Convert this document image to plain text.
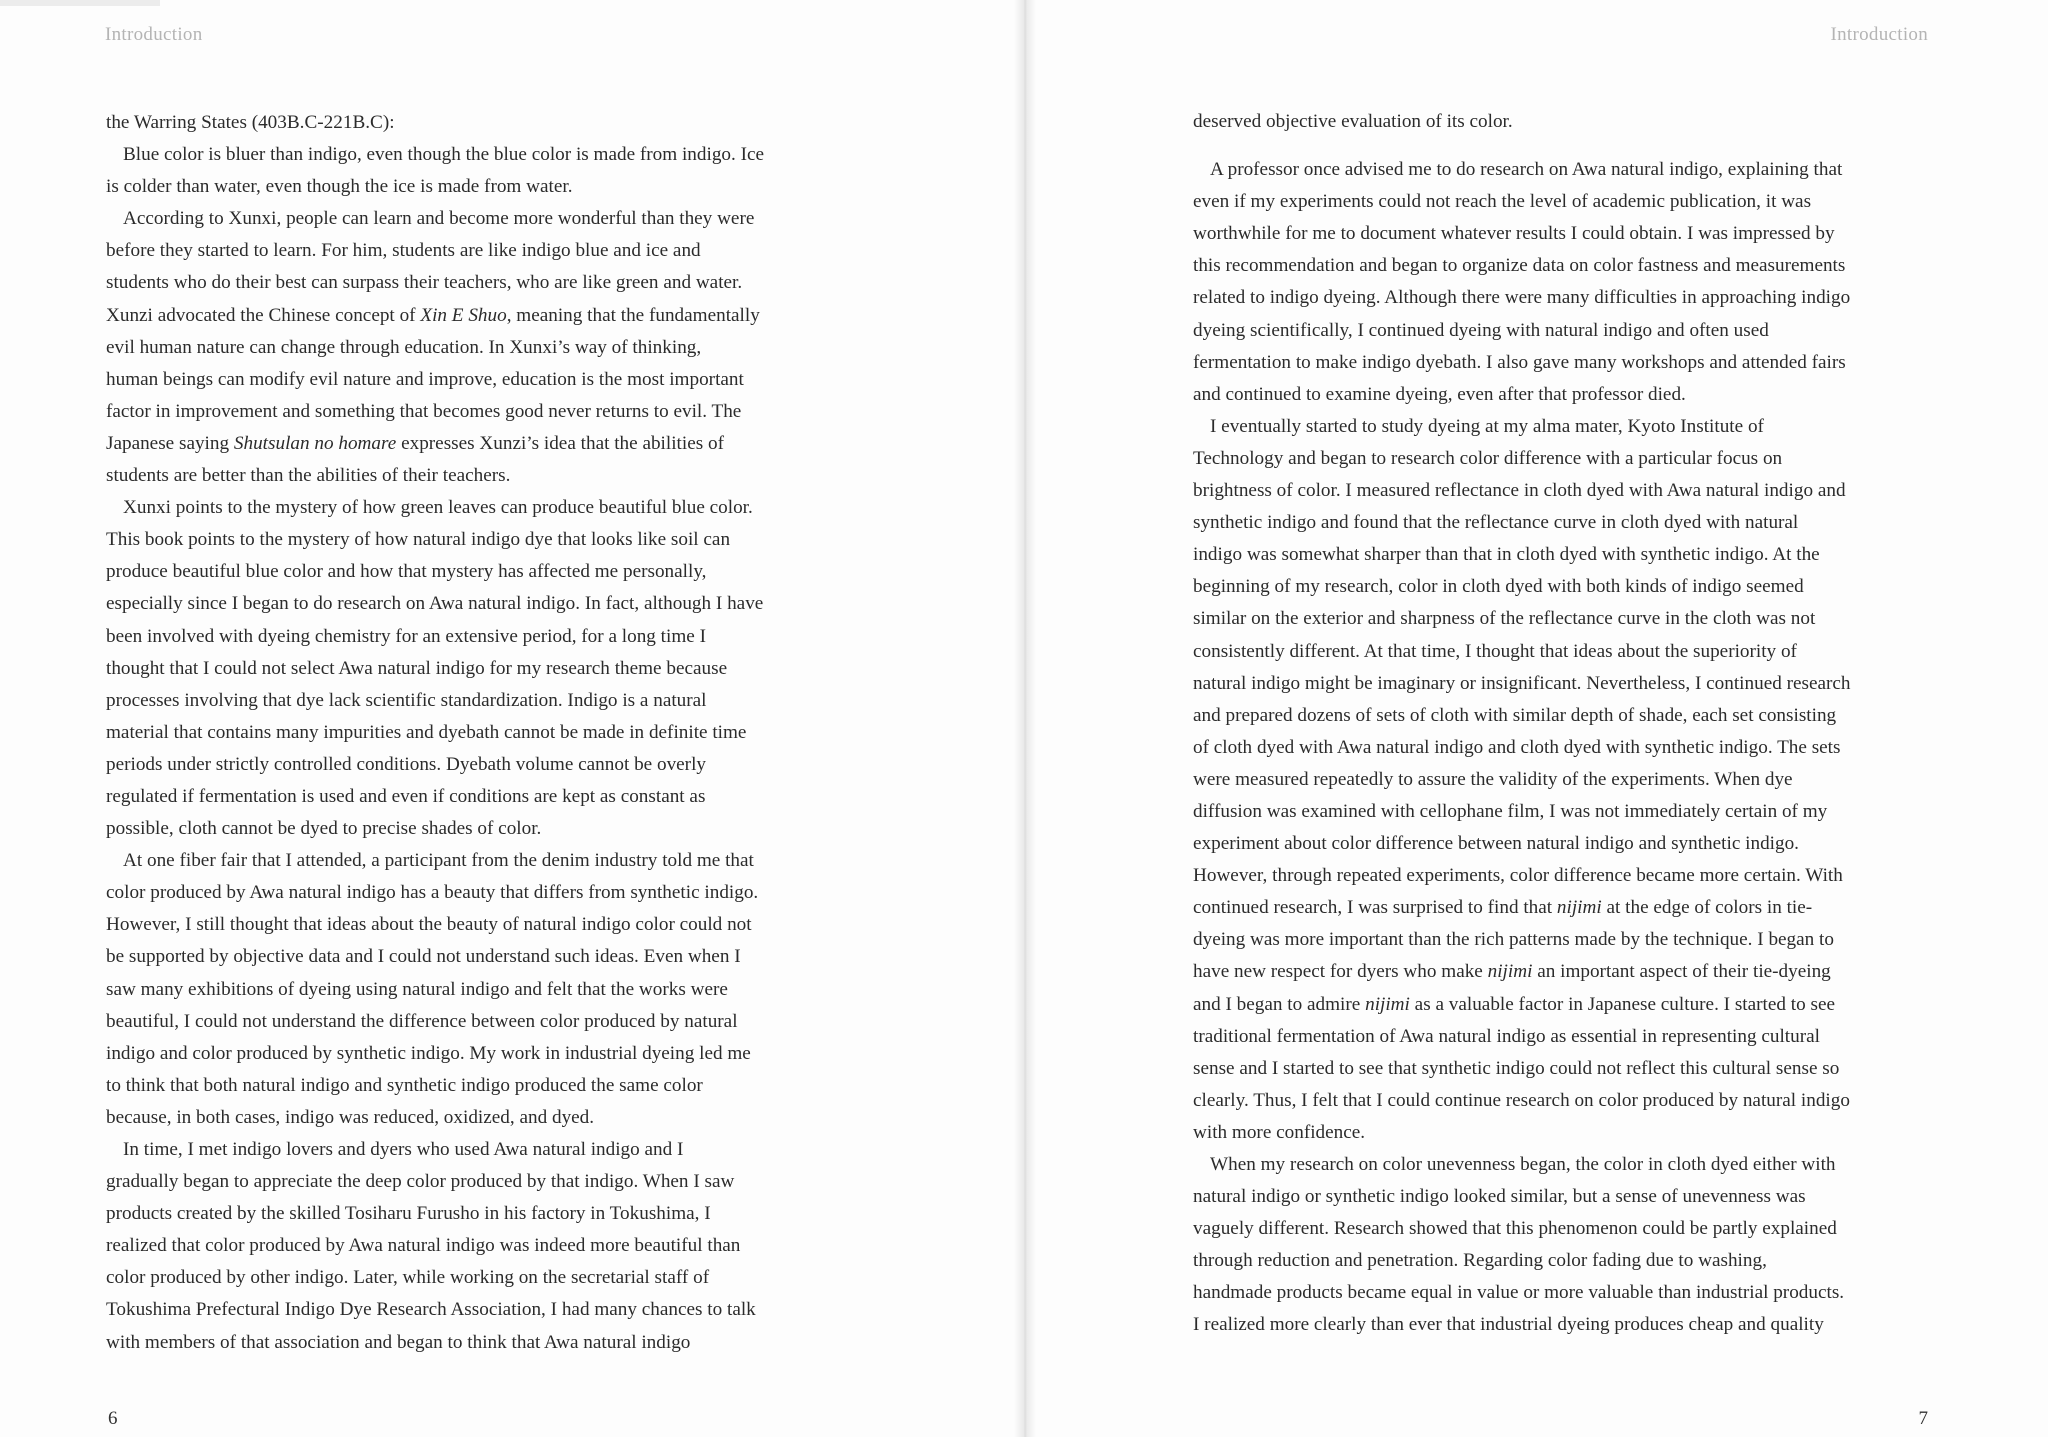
Introduction
the Warring States (403B.C-221B.C):
Blue color is bluer than indigo, even though the blue color is made from indigo. Ice
is colder than water, even though the ice is made from water.
According to Xunxi, people can learn and become more wonderful than they were
before they started to learn. For him, students are like indigo blue and ice and
students who do their best can surpass their teachers, who are like green and water.
Xunzi advocated the Chinese concept of Xin E Shuo, meaning that the fundamentally
evil human nature can change through education. In Xunxi’s way of thinking,
human beings can modify evil nature and improve, education is the most important
factor in improvement and something that becomes good never returns to evil. The
Japanese saying Shutsulan no homare expresses Xunzi’s idea that the abilities of
students are better than the abilities of their teachers.
Xunxi points to the mystery of how green leaves can produce beautiful blue color.
This book points to the mystery of how natural indigo dye that looks like soil can
produce beautiful blue color and how that mystery has affected me personally,
especially since I began to do research on Awa natural indigo. In fact, although I have
been involved with dyeing chemistry for an extensive period, for a long time I
thought that I could not select Awa natural indigo for my research theme because
processes involving that dye lack scientific standardization. Indigo is a natural
material that contains many impurities and dyebath cannot be made in definite time
periods under strictly controlled conditions. Dyebath volume cannot be overly
regulated if fermentation is used and even if conditions are kept as constant as
possible, cloth cannot be dyed to precise shades of color.
At one fiber fair that I attended, a participant from the denim industry told me that
color produced by Awa natural indigo has a beauty that differs from synthetic indigo.
However, I still thought that ideas about the beauty of natural indigo color could not
be supported by objective data and I could not understand such ideas. Even when I
saw many exhibitions of dyeing using natural indigo and felt that the works were
beautiful, I could not understand the difference between color produced by natural
indigo and color produced by synthetic indigo. My work in industrial dyeing led me
to think that both natural indigo and synthetic indigo produced the same color
because, in both cases, indigo was reduced, oxidized, and dyed.
In time, I met indigo lovers and dyers who used Awa natural indigo and I
gradually began to appreciate the deep color produced by that indigo. When I saw
products created by the skilled Tosiharu Furusho in his factory in Tokushima, I
realized that color produced by Awa natural indigo was indeed more beautiful than
color produced by other indigo. Later, while working on the secretarial staff of
Tokushima Prefectural Indigo Dye Research Association, I had many chances to talk
with members of that association and began to think that Awa natural indigo
6
Introduction
deserved objective evaluation of its color.
A professor once advised me to do research on Awa natural indigo, explaining that
even if my experiments could not reach the level of academic publication, it was
worthwhile for me to document whatever results I could obtain. I was impressed by
this recommendation and began to organize data on color fastness and measurements
related to indigo dyeing. Although there were many difficulties in approaching indigo
dyeing scientifically, I continued dyeing with natural indigo and often used
fermentation to make indigo dyebath. I also gave many workshops and attended fairs
and continued to examine dyeing, even after that professor died.
I eventually started to study dyeing at my alma mater, Kyoto Institute of
Technology and began to research color difference with a particular focus on
brightness of color. I measured reflectance in cloth dyed with Awa natural indigo and
synthetic indigo and found that the reflectance curve in cloth dyed with natural
indigo was somewhat sharper than that in cloth dyed with synthetic indigo. At the
beginning of my research, color in cloth dyed with both kinds of indigo seemed
similar on the exterior and sharpness of the reflectance curve in the cloth was not
consistently different. At that time, I thought that ideas about the superiority of
natural indigo might be imaginary or insignificant. Nevertheless, I continued research
and prepared dozens of sets of cloth with similar depth of shade, each set consisting
of cloth dyed with Awa natural indigo and cloth dyed with synthetic indigo. The sets
were measured repeatedly to assure the validity of the experiments. When dye
diffusion was examined with cellophane film, I was not immediately certain of my
experiment about color difference between natural indigo and synthetic indigo.
However, through repeated experiments, color difference became more certain. With
continued research, I was surprised to find that nijimi at the edge of colors in tie-
dyeing was more important than the rich patterns made by the technique. I began to
have new respect for dyers who make nijimi an important aspect of their tie-dyeing
and I began to admire nijimi as a valuable factor in Japanese culture. I started to see
traditional fermentation of Awa natural indigo as essential in representing cultural
sense and I started to see that synthetic indigo could not reflect this cultural sense so
clearly. Thus, I felt that I could continue research on color produced by natural indigo
with more confidence.
When my research on color unevenness began, the color in cloth dyed either with
natural indigo or synthetic indigo looked similar, but a sense of unevenness was
vaguely different. Research showed that this phenomenon could be partly explained
through reduction and penetration. Regarding color fading due to washing,
handmade products became equal in value or more valuable than industrial products.
I realized more clearly than ever that industrial dyeing produces cheap and quality
7
